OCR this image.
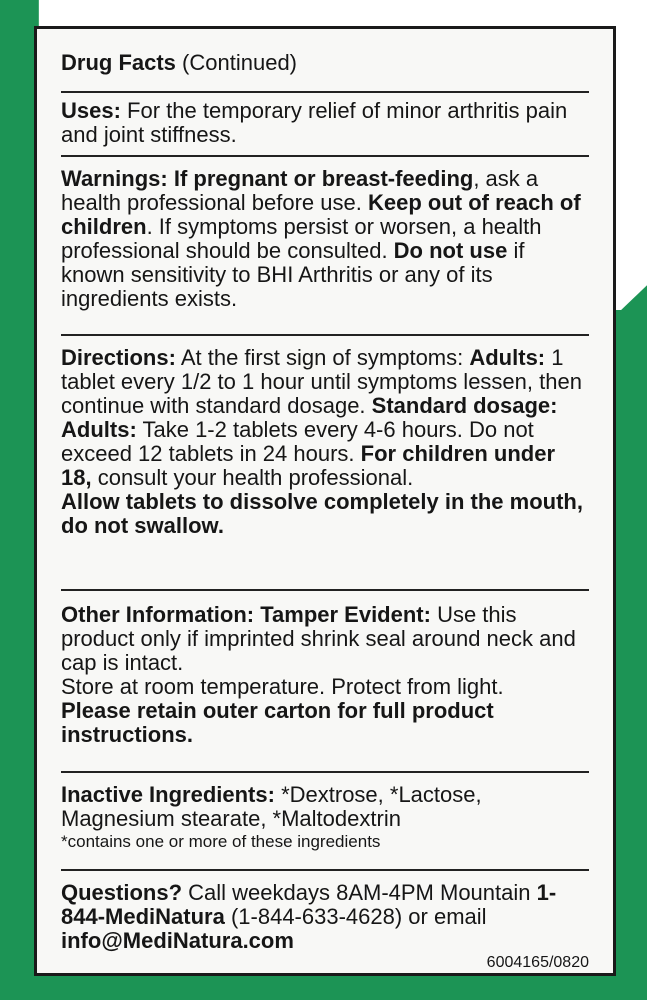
Drug Facts (Continued)

Uses: For the temporary relief of minor arthritis pain and joint stiffness.

Warnings: If pregnant or breast-feeding, ask a health professional before use. Keep out of reach of children. If symptoms persist or worsen, a health professional should be consulted. Do not use if known sensitivity to BHI Arthritis or any of its ingredients exists.

Directions: At the first sign of symptoms: Adults: 1 tablet every 1/2 to 1 hour until symptoms lessen, then continue with standard dosage. Standard dosage: Adults: Take 1-2 tablets every 4-6 hours. Do not exceed 12 tablets in 24 hours. For children under 18, consult your health professional.

Allow tablets to dissolve completely in the mouth, do not swallow.

Other Information: Tamper Evident: Use this product only if imprinted shrink seal around neck and cap is intact.

Store at room temperature. Protect from light.

Please retain outer carton for full product instructions.

Inactive Ingredients: *Dextrose, *Lactose, Magnesium stearate, *Maltodextrin

*contains one or more of these ingredients

Questions? Call weekdays 8AM-4PM Mountain 1-844-MediNatura (1-844-633-4628) or email info@MediNatura.com

6004165/0820
